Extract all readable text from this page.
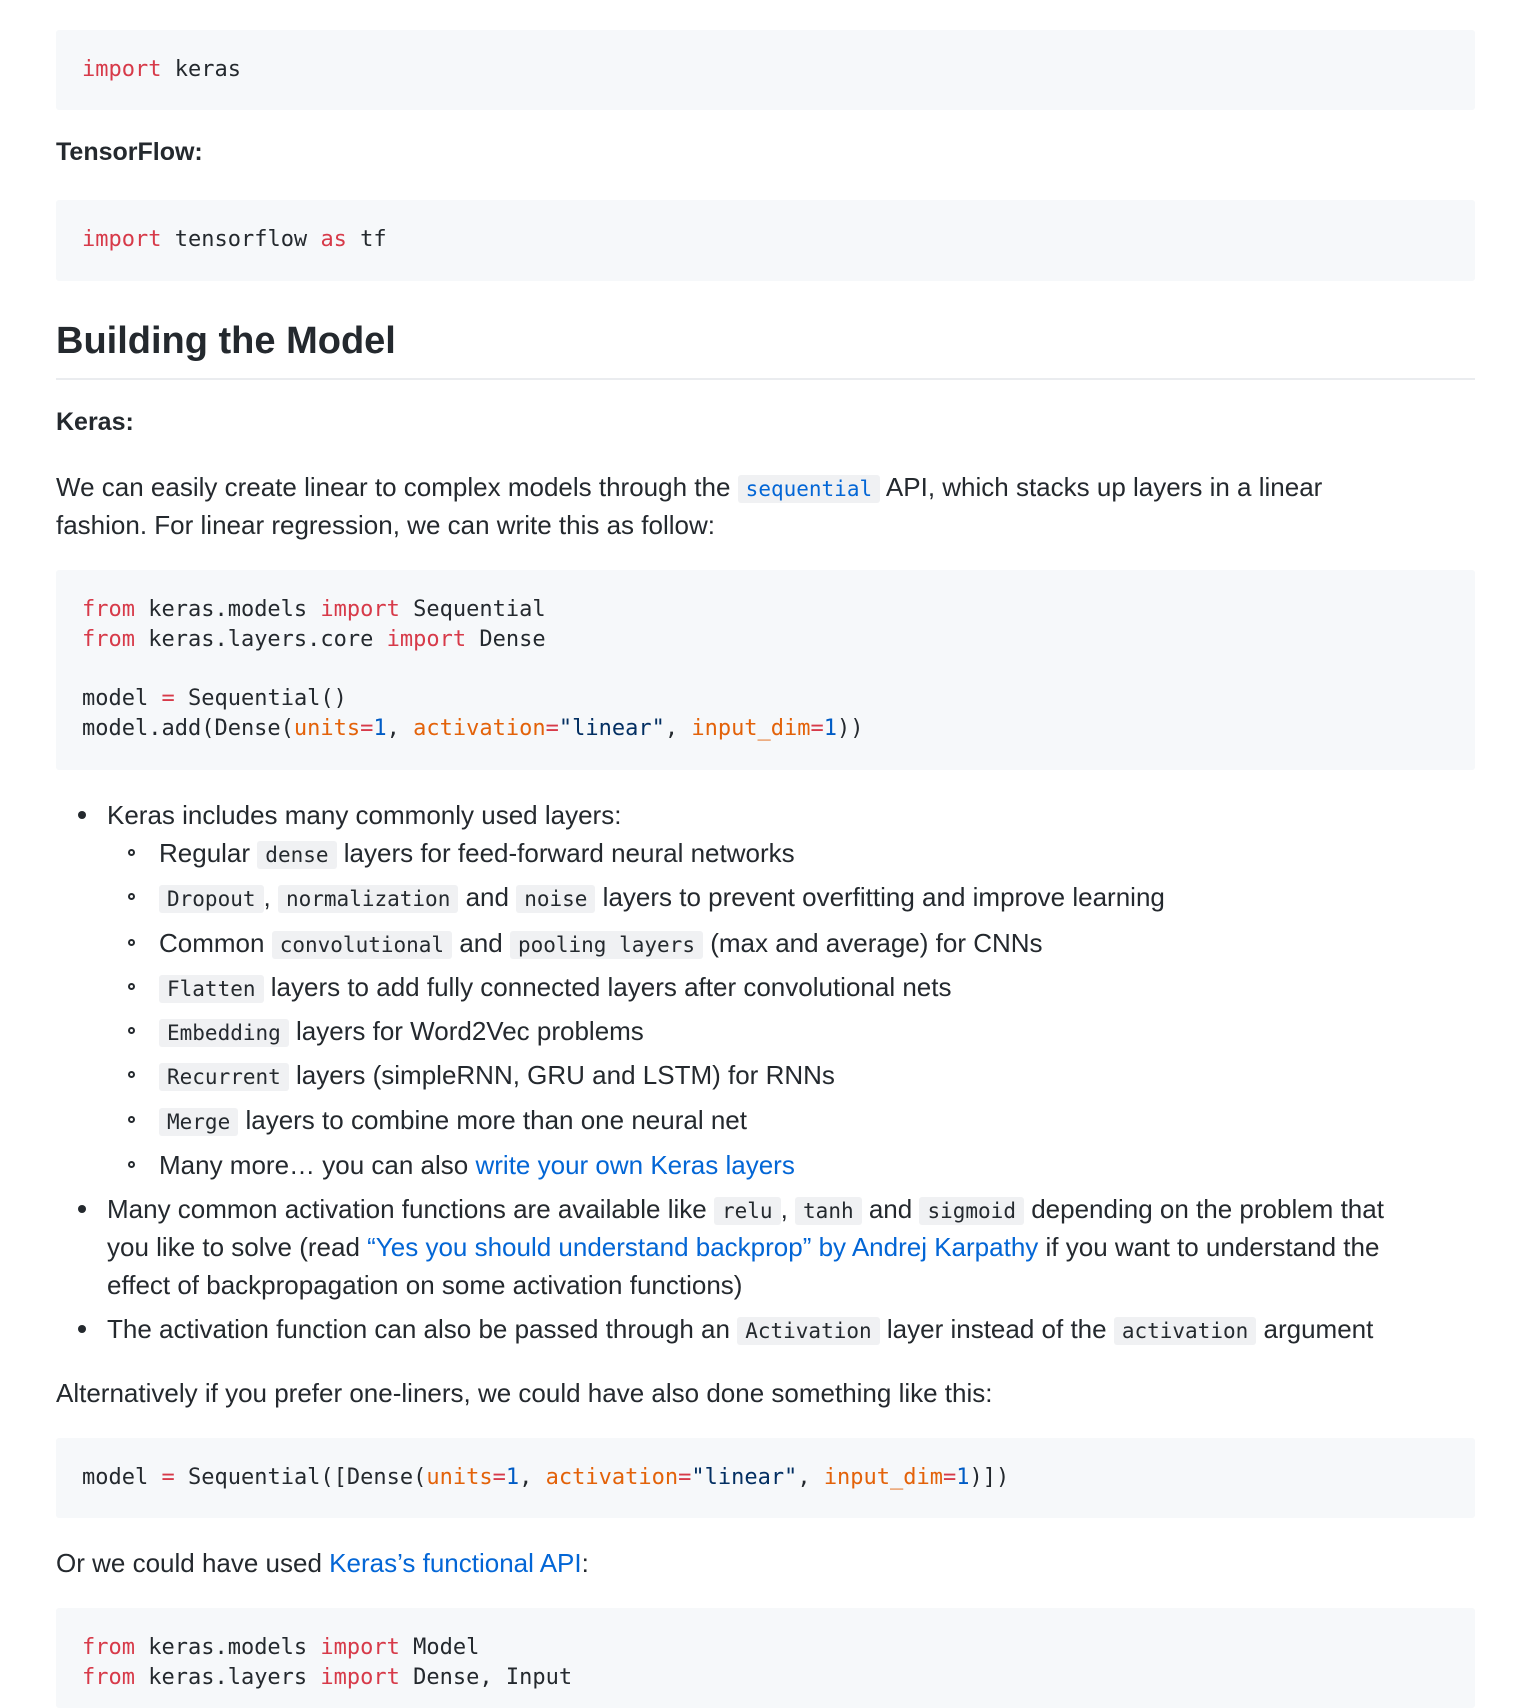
import keras
TensorFlow:
import tensorflow as tf
Building the Model
Keras:
We can easily create linear to complex models through the sequential API, which stacks up layers in a linear
fashion. For linear regression, we can write this as follow:
from keras.models import Sequential
from keras.layers.core import Dense
model = Sequential()
model.add(Dense(units=1, activation="linear", input_dim=1))
Keras includes many commonly used layers:
Regular dense layers for feed-forward neural networks
Dropout , normalization and noise layers to prevent overfitting and improve learning
Common convolutional and pooling layers (max and average) for CNNs
Flatten layers to add fully connected layers after convolutional nets
Embedding layers for Word2Vec problems
Recurrent layers (simpleRNN, GRU and LSTM) for RNNs
Merge layers to combine more than one neural net
Many more… you can also write your own Keras layers
Many common activation functions are available like relu , tanh and sigmoid depending on the problem that
you like to solve (read “Yes you should understand backprop” by Andrej Karpathy if you want to understand the
effect of backpropagation on some activation functions)
The activation function can also be passed through an Activation layer instead of the activation argument
Alternatively if you prefer one-liners, we could have also done something like this:
model = Sequential([Dense(units=1, activation="linear", input_dim=1)])
Or we could have used Keras’s functional API:
from keras.models import Model
from keras.layers import Dense, Input
